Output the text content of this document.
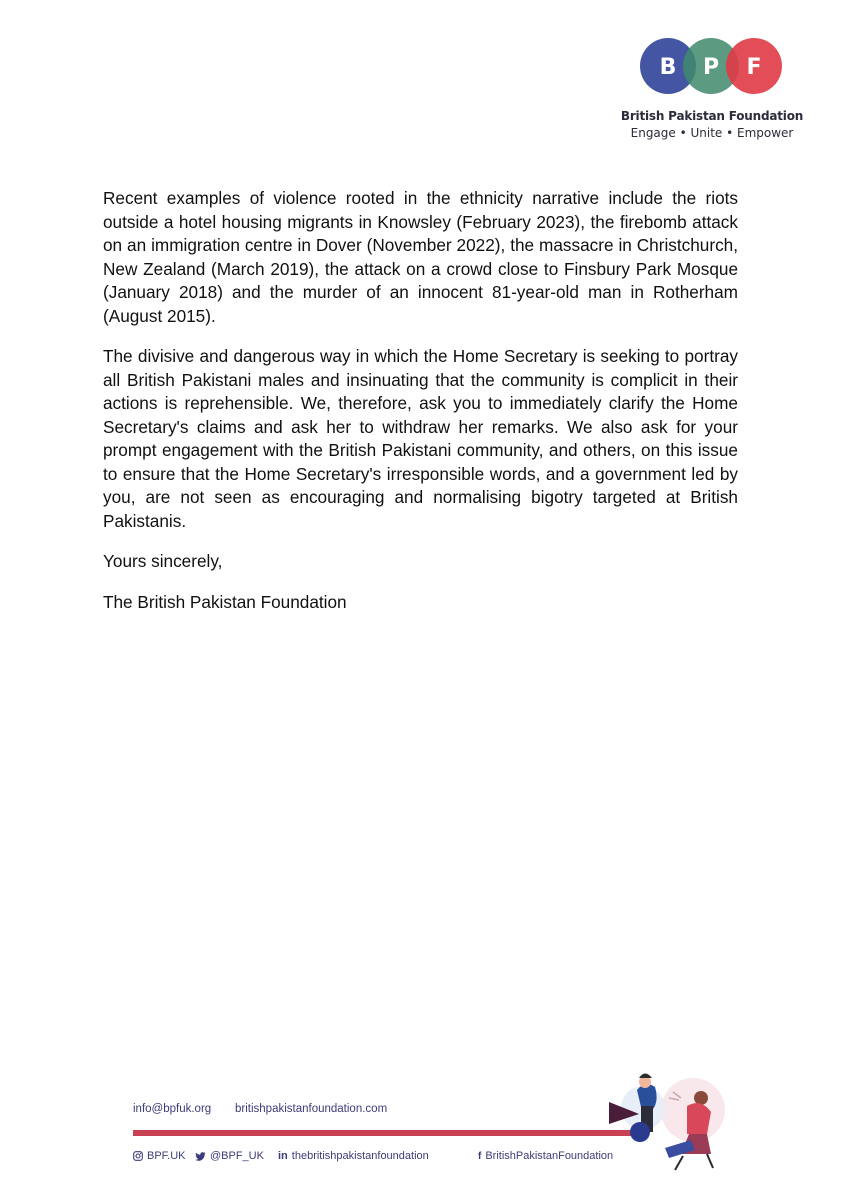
B P F
British Pakistan Foundation
Engage • Unite • Empower

Recent examples of violence rooted in the ethnicity narrative include the riots outside a hotel housing migrants in Knowsley (February 2023), the firebomb attack on an immigration centre in Dover (November 2022), the massacre in Christchurch, New Zealand (March 2019), the attack on a crowd close to Finsbury Park Mosque (January 2018) and the murder of an innocent 81-year-old man in Rotherham (August 2015).

The divisive and dangerous way in which the Home Secretary is seeking to portray all British Pakistani males and insinuating that the community is complicit in their actions is reprehensible. We, therefore, ask you to immediately clarify the Home Secretary's claims and ask her to withdraw her remarks. We also ask for your prompt engagement with the British Pakistani community, and others, on this issue to ensure that the Home Secretary's irresponsible words, and a government led by you, are not seen as encouraging and normalising bigotry targeted at British Pakistanis.

Yours sincerely,

The British Pakistan Foundation

info@bpfuk.org britishpakistanfoundation.com
BPF.UK @BPF_UK in thebritishpakistanfoundation	f BritishPakistanFoundation
